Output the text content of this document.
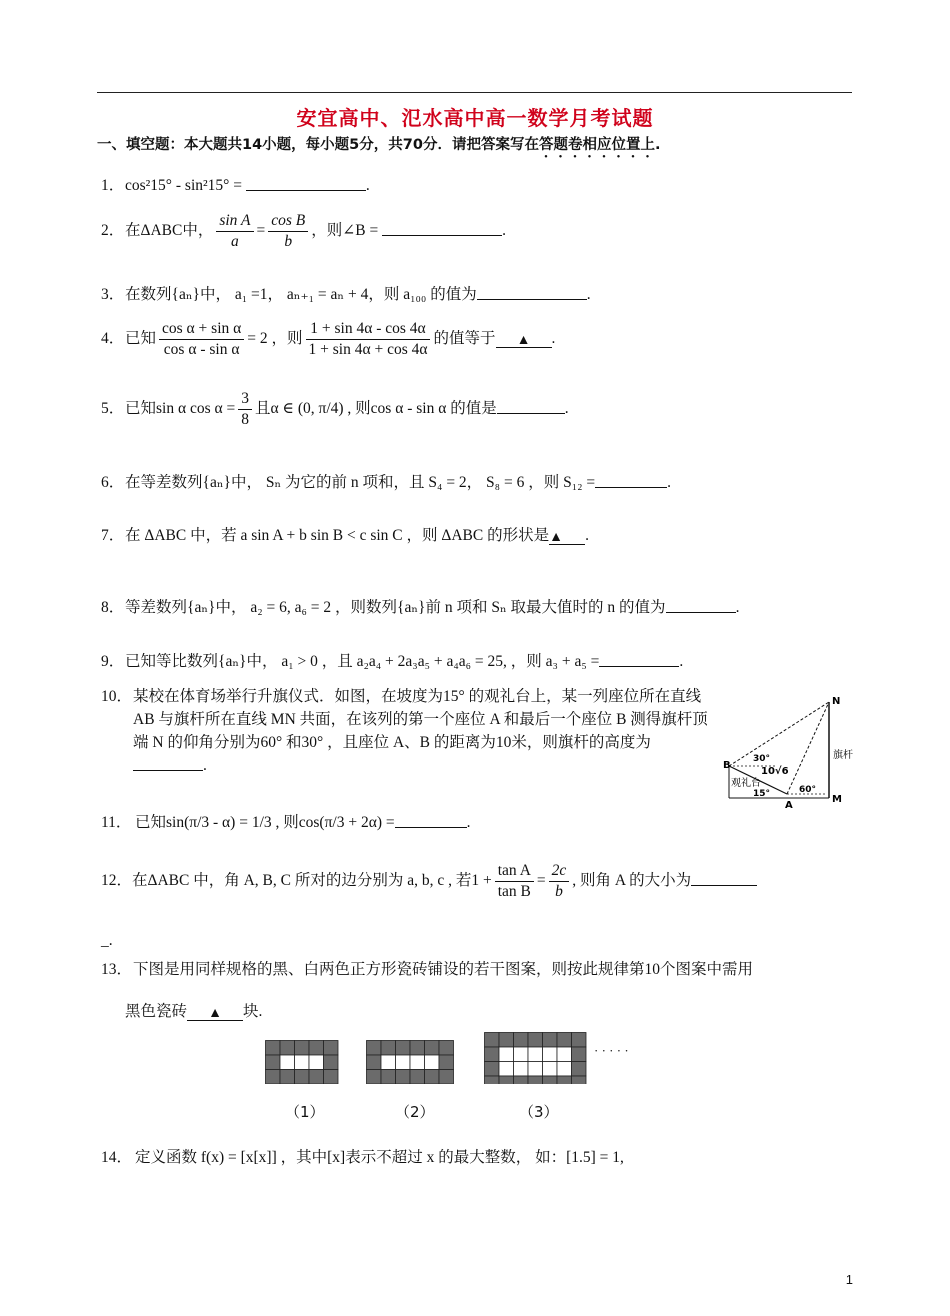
安宜高中、氾水高中高一数学月考试题
一、填空题：本大题共14小题，每小题5分，共70分．请把答案写在答题卷相应位置上.
1．cos²15° - sin²15° =	.
2．在ΔABC中， $\frac{\text{sin A}}{a} = \frac{\text{cos B}}{b}$ ，则∠B =	.
3．在数列{aₙ}中， a₁ =1， aₙ₊₁ = aₙ + 4，则 a₁₀₀ 的值为	.
4．已知 $\frac{\text{cos α + sin α}}{\text{cos α - sin α}} = 2$ ，则 $\frac{1 + \sin 4\alpha - \cos 4\alpha}{1 + \sin 4\alpha + \cos 4\alpha}$ 的值等于 ▲ .
5．已知sin α $\cos \alpha = \frac{3}{8}$ 且α ∈ (0, π/4) , 则cos α - sin α 的值是	.
6．在等差数列{aₙ}中， Sₙ 为它的前 n 项和，且 S₄ = 2， S₈ = 6 ，则 S₁₂ =	.
7．在 ΔABC 中，若 a sin A + b sin B < c sin C ，则 ΔABC 的形状是▲ .
8．等差数列{aₙ}中， a₂ = 6, a₆ = 2 ，则数列{aₙ}前 n 项和 Sₙ 取最大值时的 n 的值为	.
9．已知等比数列{aₙ}中， a₁ > 0 ，且 a₂a₄ + 2a₃a₅ + a₄a₆ = 25, ，则 a₃ + a₅ =	.
10．某校在体育场举行升旗仪式．如图，在坡度为15° 的观礼台上，某一列座位所在直线 AB 与旗杆所在直线 MN 共面，在该列的第一个座位 A 和最后一个座位 B 测得旗杆顶端 N 的仰角分别为60° 和30° ，且座位 A、B 的距离为10米，则旗杆的高度为.
N
M
B
A
旗杆
观礼台
10√6
30°
60°
15°
11． 已知sin(π/3 - α) = 1/3 , 则cos(π/3 + 2α) =	.
12．在ΔABC 中，角 A, B, C 所对的边分别为 a, b, c , 若$1 + \frac{\text{tan A}}{\text{tan B}} = \frac{2c}{b}$ , 则角 A 的大小为
_.
13．下图是用同样规格的黑、白两色正方形瓷砖铺设的若干图案，则按此规律第10个图案中需用
黑色瓷砖 ▲ 块.
· · · · ·
（1）	（2）	（3）
14． 定义函数 f(x) = [x[x]] ，其中[x]表示不超过 x 的最大整数， 如：[1.5] = 1,
1
